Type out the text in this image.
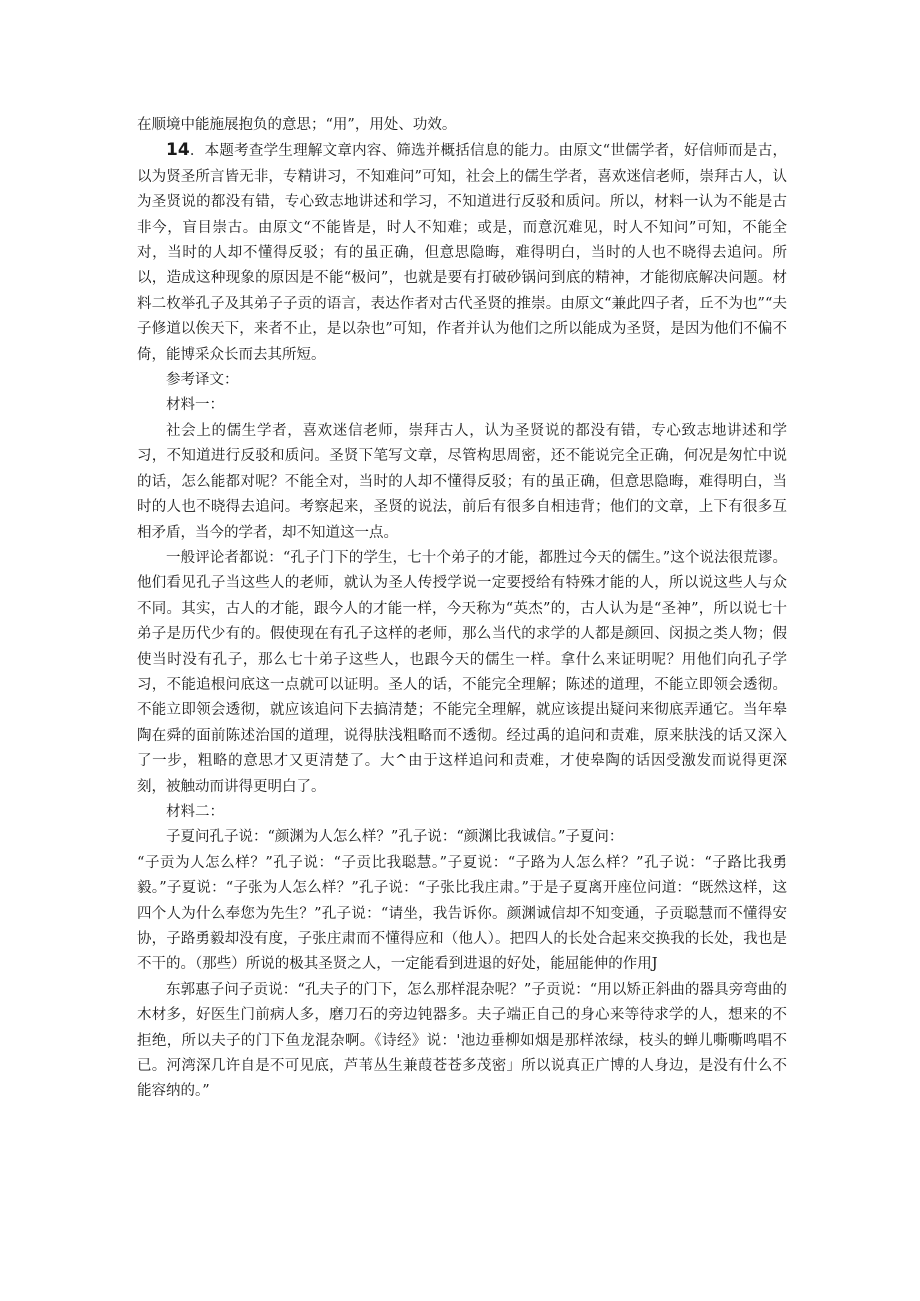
在顺境中能施展抱负的意思；“用”，用处、功效。

14．本题考查学生理解文章内容、筛选并概括信息的能力。由原文“世儒学者，好信师而是古，以为贤圣所言皆无非，专精讲习，不知难问”可知，社会上的儒生学者，喜欢迷信老师，崇拜古人，认为圣贤说的都没有错，专心致志地讲述和学习，不知道进行反驳和质问。所以，材料一认为不能是古非今，盲目崇古。由原文“不能皆是，时人不知难；或是，而意沉难见，时人不知问”可知，不能全对，当时的人却不懂得反驳；有的虽正确，但意思隐晦，难得明白，当时的人也不晓得去追问。所以，造成这种现象的原因是不能“极问”，也就是要有打破砂锅问到底的精神，才能彻底解决问题。材料二枚举孔子及其弟子子贡的语言，表达作者对古代圣贤的推崇。由原文“兼此四子者，丘不为也”“夫子修道以俟天下，来者不止，是以杂也”可知，作者并认为他们之所以能成为圣贤，是因为他们不偏不倚，能博采众长而去其所短。

参考译文：

材料一：

社会上的儒生学者，喜欢迷信老师，崇拜古人，认为圣贤说的都没有错，专心致志地讲述和学习，不知道进行反驳和质问。圣贤下笔写文章，尽管构思周密，还不能说完全正确，何况是匆忙中说的话，怎么能都对呢？不能全对，当时的人却不懂得反驳；有的虽正确，但意思隐晦，难得明白，当时的人也不晓得去追问。考察起来，圣贤的说法，前后有很多自相违背；他们的文章，上下有很多互相矛盾，当今的学者，却不知道这一点。

一般评论者都说：“孔子门下的学生，七十个弟子的才能，都胜过今天的儒生。”这个说法很荒谬。他们看见孔子当这些人的老师，就认为圣人传授学说一定要授给有特殊才能的人，所以说这些人与众不同。其实，古人的才能，跟今人的才能一样，今天称为“英杰”的，古人认为是“圣神”，所以说七十弟子是历代少有的。假使现在有孔子这样的老师，那么当代的求学的人都是颜回、闵损之类人物；假使当时没有孔子，那么七十弟子这些人，也跟今天的儒生一样。拿什么来证明呢？用他们向孔子学习，不能追根问底这一点就可以证明。圣人的话，不能完全理解；陈述的道理，不能立即领会透彻。不能立即领会透彻，就应该追问下去搞清楚；不能完全理解，就应该提出疑问来彻底弄通它。当年皋陶在舜的面前陈述治国的道理，说得肤浅粗略而不透彻。经过禹的追问和责难，原来肤浅的话又深入了一步，粗略的意思才又更清楚了。大^由于这样追问和责难，才使皋陶的话因受激发而说得更深刻，被触动而讲得更明白了。

材料二：

子夏问孔子说：“颜渊为人怎么样？”孔子说：“颜渊比我诚信。”子夏问：

“子贡为人怎么样？”孔子说：“子贡比我聪慧。”子夏说：“子路为人怎么样？”孔子说：“子路比我勇毅。”子夏说：“子张为人怎么样？”孔子说：“子张比我庄肃。”于是子夏离开座位问道：“既然这样，这四个人为什么奉您为先生？”孔子说：“请坐，我告诉你。颜渊诚信却不知变通，子贡聪慧而不懂得安协，子路勇毅却没有度，子张庄肃而不懂得应和（他人）。把四人的长处合起来交换我的长处，我也是不干的。（那些）所说的极其圣贤之人，一定能看到进退的好处，能屈能伸的作用J

东郭惠子问子贡说：“孔夫子的门下，怎么那样混杂呢？”子贡说：“用以矫正斜曲的器具旁弯曲的木材多，好医生门前病人多，磨刀石的旁边钝器多。夫子端正自己的身心来等待求学的人，想来的不拒绝，所以夫子的门下鱼龙混杂啊。《诗经》说：'池边垂柳如烟是那样浓绿，枝头的蝉儿嘶嘶鸣唱不已。河湾深几许自是不可见底，芦苇丛生兼葭苍苍多茂密」所以说真正广博的人身边，是没有什么不能容纳的。”
